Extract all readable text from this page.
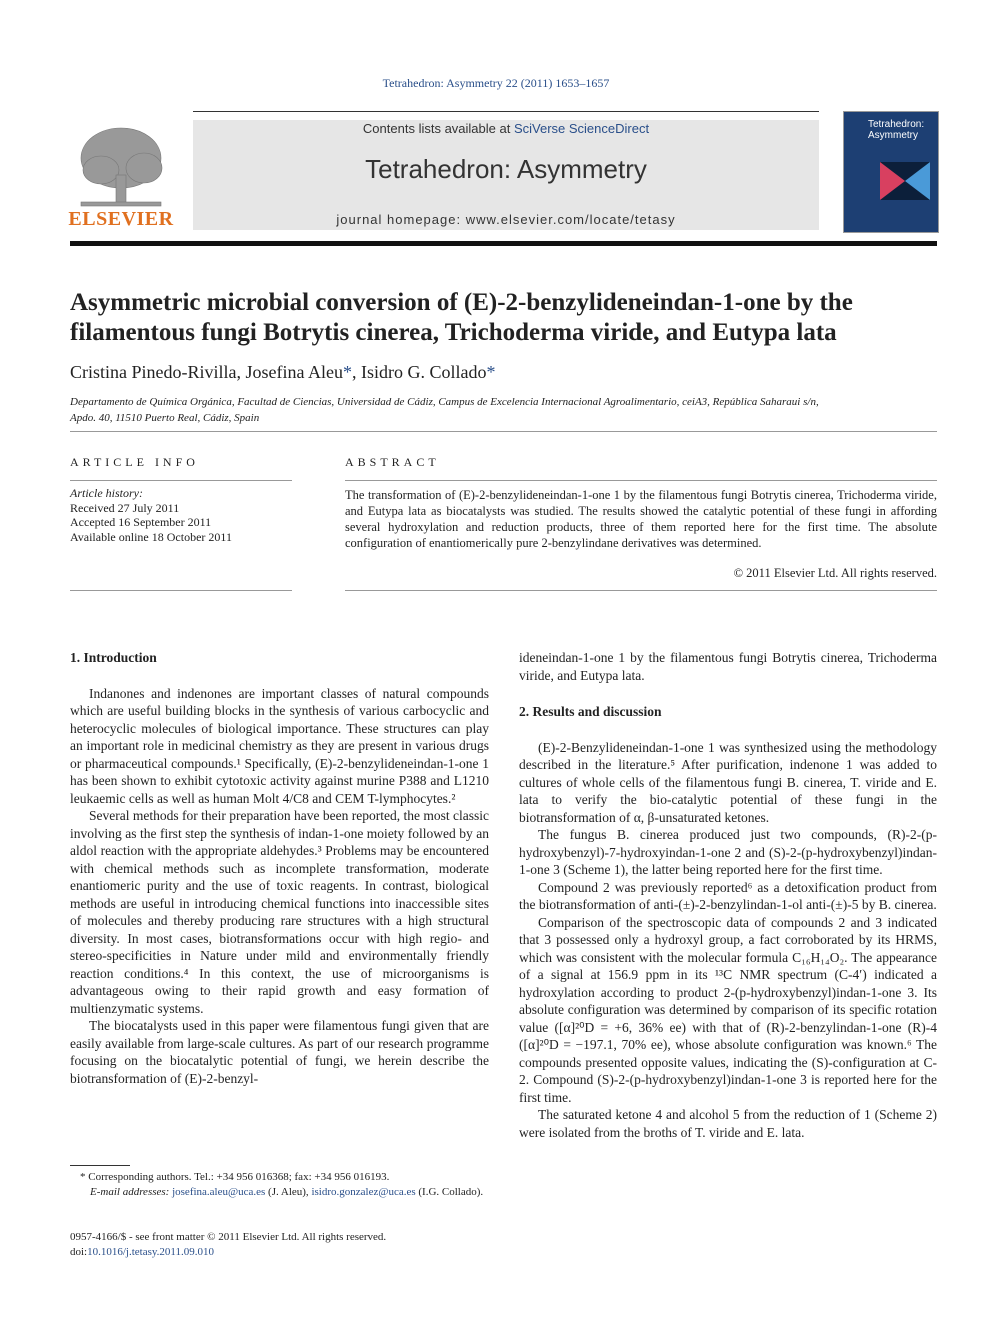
Tetrahedron: Asymmetry 22 (2011) 1653–1657
ELSEVIER
Contents lists available at SciVerse ScienceDirect
Tetrahedron: Asymmetry
journal homepage: www.elsevier.com/locate/tetasy
Tetrahedron: Asymmetry
Asymmetric microbial conversion of (E)-2-benzylideneindan-1-one by the
filamentous fungi Botrytis cinerea, Trichoderma viride, and Eutypa lata
Cristina Pinedo-Rivilla, Josefina Aleu*, Isidro G. Collado*
Departamento de Química Orgánica, Facultad de Ciencias, Universidad de Cádiz, Campus de Excelencia Internacional Agroalimentario, ceiA3, República Saharaui s/n,
Apdo. 40, 11510 Puerto Real, Cádiz, Spain
ARTICLE INFO
Article history:
Received 27 July 2011
Accepted 16 September 2011
Available online 18 October 2011
ABSTRACT
The transformation of (E)-2-benzylideneindan-1-one 1 by the filamentous fungi Botrytis cinerea, Trichoderma viride, and Eutypa lata as biocatalysts was studied. The results showed the catalytic potential of these fungi in affording several hydroxylation and reduction products, three of them reported here for the first time. The absolute configuration of enantiomerically pure 2-benzylindane derivatives was determined.
© 2011 Elsevier Ltd. All rights reserved.
1. Introduction

Indanones and indenones are important classes of natural compounds which are useful building blocks in the synthesis of various carbocyclic and heterocyclic molecules of biological importance. These structures can play an important role in medicinal chemistry as they are present in various drugs or pharmaceutical compounds.¹ Specifically, (E)-2-benzylideneindan-1-one 1 has been shown to exhibit cytotoxic activity against murine P388 and L1210 leukaemic cells as well as human Molt 4/C8 and CEM T-lymphocytes.²

Several methods for their preparation have been reported, the most classic involving as the first step the synthesis of indan-1-one moiety followed by an aldol reaction with the appropriate aldehydes.³ Problems may be encountered with chemical methods such as incomplete transformation, moderate enantiomeric purity and the use of toxic reagents. In contrast, biological methods are useful in introducing chemical functions into inaccessible sites of molecules and thereby producing rare structures with a high structural diversity. In most cases, biotransformations occur with high regio- and stereo-specificities in Nature under mild and environmentally friendly reaction conditions.⁴ In this context, the use of microorganisms is advantageous owing to their rapid growth and easy formation of multienzymatic systems.

The biocatalysts used in this paper were filamentous fungi given that are easily available from large-scale cultures. As part of our research programme focusing on the biocatalytic potential of fungi, we herein describe the biotransformation of (E)-2-benzyl-

ideneindan-1-one 1 by the filamentous fungi Botrytis cinerea, Trichoderma viride, and Eutypa lata.
2. Results and discussion

(E)-2-Benzylideneindan-1-one 1 was synthesized using the methodology described in the literature.⁵ After purification, indenone 1 was added to cultures of whole cells of the filamentous fungi B. cinerea, T. viride and E. lata to verify the bio-catalytic potential of these fungi in the biotransformation of α, β-unsaturated ketones.

The fungus B. cinerea produced just two compounds, (R)-2-(p-hydroxybenzyl)-7-hydroxyindan-1-one 2 and (S)-2-(p-hydroxybenzyl)indan-1-one 3 (Scheme 1), the latter being reported here for the first time.

Compound 2 was previously reported⁶ as a detoxification product from the biotransformation of anti-(±)-2-benzylindan-1-ol anti-(±)-5 by B. cinerea.

Comparison of the spectroscopic data of compounds 2 and 3 indicated that 3 possessed only a hydroxyl group, a fact corroborated by its HRMS, which was consistent with the molecular formula C₁₆H₁₄O₂. The appearance of a signal at 156.9 ppm in its ¹³C NMR spectrum (C-4′) indicated a hydroxylation according to product 2-(p-hydroxybenzyl)indan-1-one 3. Its absolute configuration was determined by comparison of its specific rotation value ([α]²⁰D = +6, 36% ee) with that of (R)-2-benzylindan-1-one (R)-4 ([α]²⁰D = −197.1, 70% ee), whose absolute configuration was known.⁶ The compounds presented opposite values, indicating the (S)-configuration at C-2. Compound (S)-2-(p-hydroxybenzyl)indan-1-one 3 is reported here for the first time.

The saturated ketone 4 and alcohol 5 from the reduction of 1 (Scheme 2) were isolated from the broths of T. viride and E. lata.

* Corresponding authors. Tel.: +34 956 016368; fax: +34 956 016193.
E-mail addresses: josefina.aleu@uca.es (J. Aleu), isidro.gonzalez@uca.es (I.G. Collado).
0957-4166/$ - see front matter © 2011 Elsevier Ltd. All rights reserved.
doi:10.1016/j.tetasy.2011.09.010
